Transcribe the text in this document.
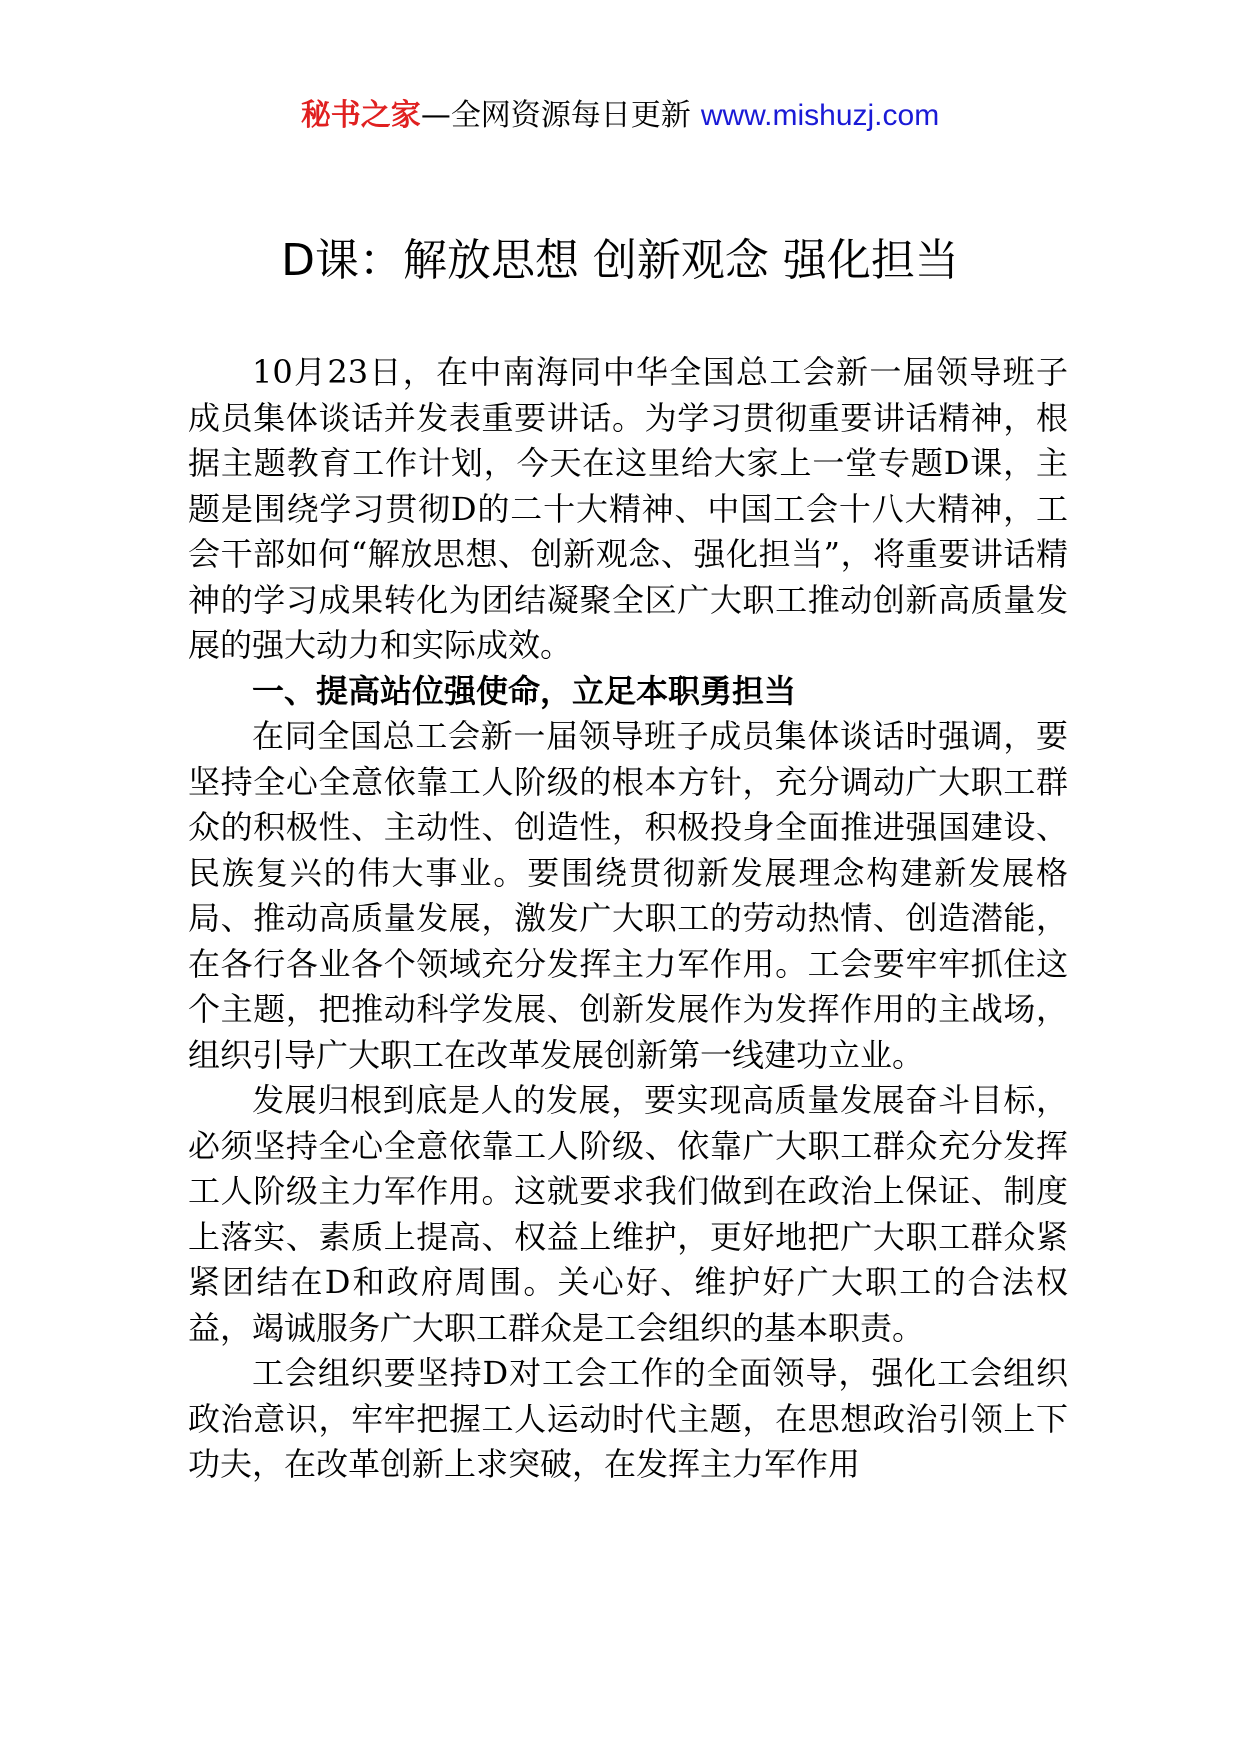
秘书之家—全网资源每日更新 www.mishuzj.com
D课：解放思想 创新观念 强化担当

10月23日，在中南海同中华全国总工会新一届领导班子成员集体谈话并发表重要讲话。为学习贯彻重要讲话精神，根据主题教育工作计划，今天在这里给大家上一堂专题D课，主题是围绕学习贯彻D的二十大精神、中国工会十八大精神，工会干部如何“解放思想、创新观念、强化担当”，将重要讲话精神的学习成果转化为团结凝聚全区广大职工推动创新高质量发展的强大动力和实际成效。

一、提高站位强使命，立足本职勇担当

在同全国总工会新一届领导班子成员集体谈话时强调，要坚持全心全意依靠工人阶级的根本方针，充分调动广大职工群众的积极性、主动性、创造性，积极投身全面推进强国建设、民族复兴的伟大事业。要围绕贯彻新发展理念构建新发展格局、推动高质量发展，激发广大职工的劳动热情、创造潜能，在各行各业各个领域充分发挥主力军作用。工会要牢牢抓住这个主题，把推动科学发展、创新发展作为发挥作用的主战场，组织引导广大职工在改革发展创新第一线建功立业。

发展归根到底是人的发展，要实现高质量发展奋斗目标，必须坚持全心全意依靠工人阶级、依靠广大职工群众充分发挥工人阶级主力军作用。这就要求我们做到在政治上保证、制度上落实、素质上提高、权益上维护，更好地把广大职工群众紧紧团结在D和政府周围。关心好、维护好广大职工的合法权益，竭诚服务广大职工群众是工会组织的基本职责。

工会组织要坚持D对工会工作的全面领导，强化工会组织政治意识，牢牢把握工人运动时代主题，在思想政治引领上下功夫，在改革创新上求突破，在发挥主力军作用
